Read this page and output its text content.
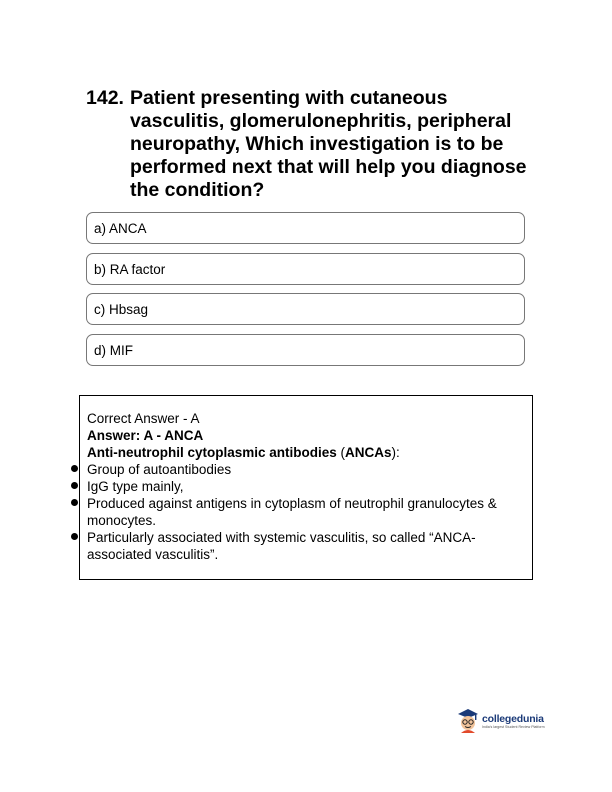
142. Patient presenting with cutaneous vasculitis, glomerulonephritis, peripheral neuropathy, Which investigation is to be performed next that will help you diagnose the condition?
a) ANCA
b) RA factor
c) Hbsag
d) MIF

Correct Answer - A

Answer: A - ANCA

Anti-neutrophil cytoplasmic antibodies (ANCAs):

Group of autoantibodies
IgG type mainly,
Produced against antigens in cytoplasm of neutrophil granulocytes & monocytes.
Particularly associated with systemic vasculitis, so called “ANCA-associated vasculitis”.
collegedunia
India's largest Student Review Platform
